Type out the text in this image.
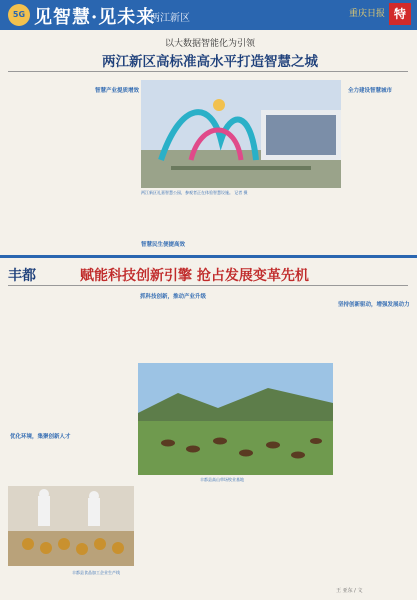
5G 见智慧·见未来
两江新区	重庆日报 特
以大数据智能化为引领
两江新区高标准高水平打造智慧之城

智慧产业提质增效
两江新区礼嘉智慧公园，参观者正在体验智慧设施。 记者 摄

全力建设智慧城市

智慧民生便捷高效

丰都	赋能科技创新引擎 抢占发展变革先机

优化环境，集聚创新人才

抓科技创新，推动产业升级
丰都县高山草场牧业基地
丰都县食品加工企业生产线

坚持创新驱动，增强发展动力
王 亚东 / 文
